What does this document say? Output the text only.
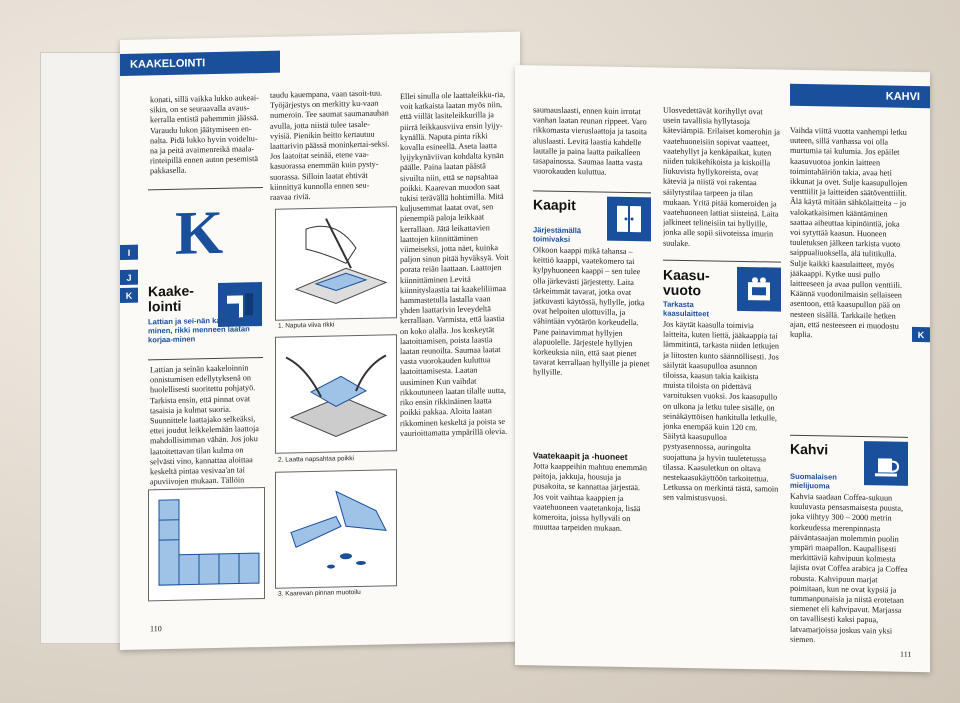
KAAKELOINTI

konati, sillä vaikka lukko aukeai-sikin, on se seuraavalla avaus-kerralla entistä pahemmin jäässä. Varaudu lukon jäätymiseen en-nalta. Pidä lukko hyvin voideltu-na ja peitä avaimenreikä maala-rinteipillä ennen auton pesemistä pakkasella.

taudu kauempana, vaan tasoit-tuu. Työjärjestys on merkitty ku-vaan numeroin. Tee saumat saumanauhan avulla, jotta niistä tulee tasale-vyisiä. Pienikin heitto kertautuu laattarivin päässä moninkertai-seksi. Jos laatoitat seinää, etene vaa-kasuorassa enemmän kuin pysty-suorassa. Silloin laatat ehtivät kiinnittyä kunnolla ennen seu-raavaa riviä.

Ellei sinulla ole laattaleikku-ria, voit katkaista laatan myös niin, että viillät lasiteleikkurilla ja piirrä leikkausviiva ensin lyijy-kynällä. Naputa pinta rikki kovalla esineellä. Aseta laatta lyijykynäviivan kohdalta kynän päälle. Paina laatan päästä sivuilta niin, että se napsahtaa poikki. Kaarevan muodon saat tukisi terävällä hohtimilla. Mitä kuljusemmat laatat ovat, sen pienempiä paloja leikkaat kerrallaan. Jätä leikattavien laattojen kiinnittäminen viimeiseksi, jotta näet, kuinka paljon sinun pitää hyväksyä. Voit porata reiän laattaan. Laattojen kiinnittäminen Levitä kiinnityslaastia tai kaakeliliimaa hammastetulla lastalla vaan yhden laattarivin leveydeltä kerrallaan. Varmista, että laastia on koko alalla. Jos koskeytät laatoittamisen, poista laastia laatan reunoilta. Saumaa laatat vasta vuorokauden kuluttua laatoittamisesta. Laatan uusiminen Kun vaihdat rikkoutuneen laatan tilalle uutta, riko ensin rikkinäinen laatta poikki pakkaa. Aloita laatan rikkominen keskeltä ja poista se vaurioittamatta ympärillä olevia.

K
Kaake-lointi
Lattian ja sei-nän kaakeloi-minen, rikki menneen laatan korjaa-minen

Lattian ja seinän kaakeloinnin onnistumisen edellytyksenä on huolellisesti suoritettu pohjatyö. Tarkista ensin, että pinnat ovat tasaisia ja kulmat suoria. Suunnittele laattajako selkeäksi, ettei joudut leikkelemään laattoja mahdollisimman vähän. Jos joku laatoitettavan tilan kulma on selvästi vino, kannattaa aloittaa keskeltä pintaa vesivaa'an tai apuviivojen mukaan. Tällöin

1. Naputa viiva rikki
2. Laatta napsahtaa poikki
3. Kaarevan pinnan muotoilu
110
I
J
K
KAHVI

saumauslaasti, ennen kuin irrotat vanhan laatan reunan rippeet. Varo rikkomasta vieruslaattoja ja tasoita aluslaasti. Levitä laastia kahdelle lautalle ja paina laatta paikalleen tasapainossa. Saumaa laatta vasta vuorokauden kuluttua.

Kaapit
Järjestämällä toimivaksi

Olkoon kaappi mikä tahansa – keittiö kaappi, vaatekomero tai kylpyhuoneen kaappi – sen tulee olla järkevästi järjestetty. Laita tärkeimmät tavarat, jotka ovat jatkuvasti käytössä, hyllylle, jotka ovat helpoiten ulottuvilla, ja vähintään vyötärön korkeudella. Pane painavimmat hyllyjen alapuolelle. Järjestele hyllyjen korkeuksia niin, että saat pienet tavarat kerrallaan hyllyille ja pienet hyllyille.

Vaatekaapit ja -huoneet

Jotta kaappeihin mahtuu enemmän paitoja, jakkuja, housuja ja pusakoita, se kannattaa järjestää. Jos voit vaihtaa kaappien ja vaatehuoneen vaatetankoja, lisää komeroita, joissa hyllyväli on muuttaa tarpeiden mukaan.

Ulosvedettävät korihyllyt ovat usein tavallisia hyllytasoja käteviämpiä. Erilaiset komerohin ja vaatehuoneisiin sopivat vaatteet, vaatehyllyt ja kenkäpaikat, kuten niiden tukikehikoista ja kiskoilla liukuvista hyllykoreista, ovat käteviä ja niistä voi rakentaa säilytystilaa tarpeen ja tilan mukaan. Yritä pitää komeroiden ja vaatehuoneen lattiat siisteinä. Laita jalkineet telineisiin tai hyllyille, jonka alle sopii siivoteissa imurin suulake.

Kaasu-vuoto
Tarkasta kaasulaitteet

Jos käytät kaasulla toimivia laitteita, kuten liettä, jääkaappia tai lämmitintä, tarkasta niiden letkujen ja liitosten kunto säännöllisesti. Jos säilytät kaasupulloa asunnon tiloissa, kaasun takia kaikista muista tiloista on pidettävä varoituksen vuoksi. Jos kaasupullo on ulkona ja letku tulee sisälle, on seinäkäyttöisen hankitulla letkulle, jonka enempää kuin 120 cm. Säilytä kaasupulloa pystyasennossa, auringolta suojattuna ja hyvin tuuletetussa tilassa. Kaasuletkun on oltava nestekaasukäyttöön tarkoitettua. Letkussa on merkintä tästä, samoin sen valmistusvuosi.

Vaihda viittä vuotta vanhempi letku uuteen, sillä vanhassa voi olla murtumia tai kulumia. Jos epäilet kaasuvuotoa jonkin laitteen toimintahäiriön takia, avaa heti ikkunat ja ovet. Sulje kaasupullojen venttiilit ja laitteiden säätöventtiilit. Älä käytä mitään sähkölaitteita – jo valokatkaisimen kääntäminen saattaa aiheuttaa kipinöintiä, joka voi sytyttää kaasun. Huoneen tuuletuksen jälkeen tarkista vuoto saippualiuoksella, älä tulitikulla. Sulje kaikki kaasulaitteet, myös jääkaappi. Kytke uusi pullo laitteeseen ja avaa pullon venttiili. Käännä vuodonilmaisin sellaiseen asentoon, että kaasupullon pää on nesteen sisällä. Tarkkaile hetken ajan, että nesteeseen ei muodostu kuplia.

Kahvi
Suomalaisen mielijuoma

Kahvia saadaan Coffea-sukuun kuuluvasta pensasmaisesta puusta, joka viihtyy 300 – 2000 metrin korkeudessa merenpinnasta päiväntasaajan molemmin puolin ympäri maapallon. Kaupallisesti merkittäviä kahvipuun kolmesta lajista ovat Coffea arabica ja Coffea robusta. Kahvipuun marjat poimitaan, kun ne ovat kypsiä ja tummanpunaisia ja niistä erotetaan siemenet eli kahvipavut. Marjassa on tavallisesti kaksi papua, latvamarjoissa joskus vain yksi siemen.

111
K
